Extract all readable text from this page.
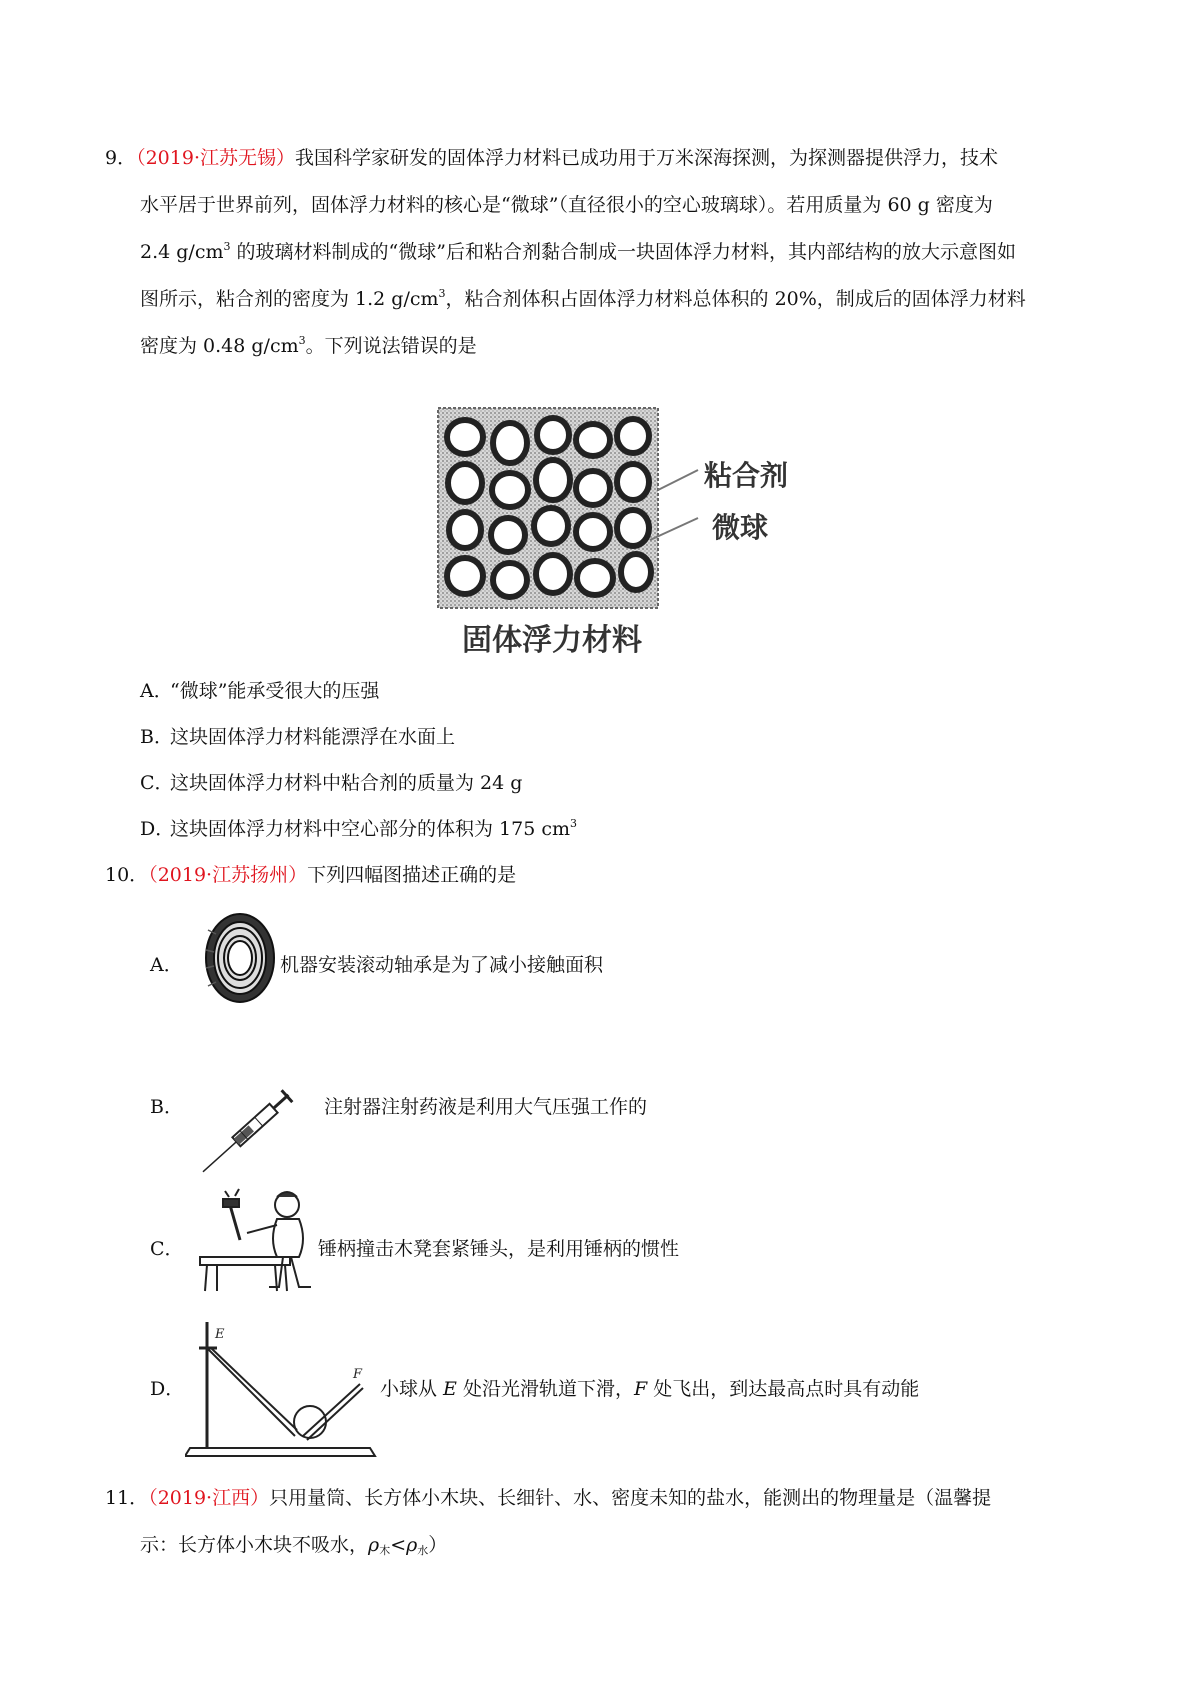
9．（2019·江苏无锡）我国科学家研发的固体浮力材料已成功用于万米深海探测，为探测器提供浮力，技术
水平居于世界前列，固体浮力材料的核心是“微球”（直径很小的空心玻璃球）。若用质量为 60 g 密度为
2.4 $g/cm^3$ 的玻璃材料制成的“微球”后和粘合剂黏合制成一块固体浮力材料，其内部结构的放大示意图如
图所示，粘合剂的密度为 1.2 $g/cm^3$，粘合剂体积占固体浮力材料总体积的 20%，制成后的固体浮力材料
密度为 0.48 $g/cm^3$。下列说法错误的是
粘合剂
微球
固体浮力材料
A．“微球”能承受很大的压强
B．这块固体浮力材料能漂浮在水面上
C．这块固体浮力材料中粘合剂的质量为 24 g
D．这块固体浮力材料中空心部分的体积为 175 $cm^3$
10．（2019·江苏扬州）下列四幅图描述正确的是
A．	机器安装滚动轴承是为了减小接触面积
B．	注射器注射药液是利用大气压强工作的
C．	锤柄撞击木凳套紧锤头，是利用锤柄的惯性
D．
E
F
小球从 E 处沿光滑轨道下滑，F 处飞出，到达最高点时具有动能
11．（2019·江西）只用量筒、长方体小木块、长细针、水、密度未知的盐水，能测出的物理量是（温馨提
示：长方体小木块不吸水，$\rho_木<\rho_水$）
